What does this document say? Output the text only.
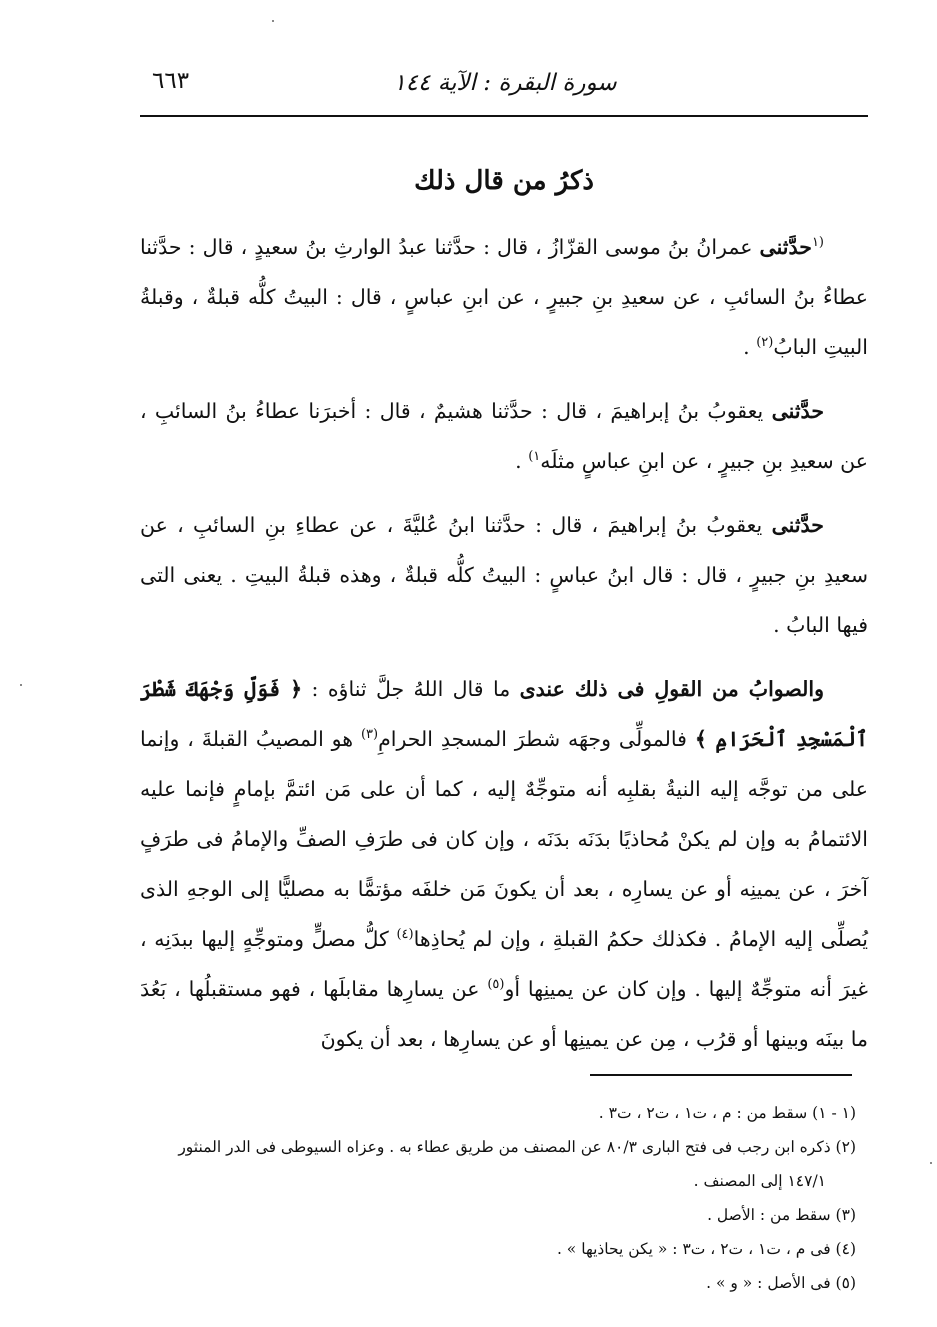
٦٦٣	سورة البقرة : الآية ١٤٤
ذكرُ من قال ذلك

$^{(١}$حدَّثنى عمرانُ بنُ موسى القزّازُ ، قال : حدَّثنا عبدُ الوارثِ بنُ سعيدٍ ، قال : حدَّثنا عطاءُ بنُ السائبِ ، عن سعيدِ بنِ جبيرٍ ، عن ابنِ عباسٍ ، قال : البيتُ كلُّه قبلةٌ ، وقبلةُ البيتِ البابُ$^{(٢)}$ .

حدَّثنى يعقوبُ بنُ إبراهيمَ ، قال : حدَّثنا هشيمٌ ، قال : أخبرَنا عطاءُ بنُ السائبِ ، عن سعيدِ بنِ جبيرٍ ، عن ابنِ عباسٍ مثلَه$^{١)}$ .

حدَّثنى يعقوبُ بنُ إبراهيمَ ، قال : حدَّثنا ابنُ عُليَّةَ ، عن عطاءِ بنِ السائبِ ، عن سعيدِ بنِ جبيرٍ ، قال : قال ابنُ عباسٍ : البيتُ كلُّه قبلةٌ ، وهذه قبلةُ البيتِ . يعنى التى فيها البابُ .

والصوابُ من القولِ فى ذلك عندى ما قال اللهُ جلَّ ثناؤه : ﴿ فَوَلِّ وَجْهَكَ شَطْرَ ٱلْمَسْجِدِ ٱلْحَرَامِ ﴾ فالمولِّى وجهَه شطرَ المسجدِ الحرامِ$^{(٣)}$ هو المصيبُ القبلةَ ، وإنما على من توجَّه إليه النيةُ بقلبِه أنه متوجِّهٌ إليه ، كما أن على مَن ائتمَّ بإمامٍ فإنما عليه الائتمامُ به وإن لم يكنْ مُحاذيًا بدَنَه بدَنَه ، وإن كان فى طرَفِ الصفِّ والإمامُ فى طرَفٍ آخرَ ، عن يمينِه أو عن يسارِه ، بعد أن يكونَ مَن خلفَه مؤتمًّا به مصليًّا إلى الوجهِ الذى يُصلِّى إليه الإمامُ . فكذلك حكمُ القبلةِ ، وإن لم يُحاذِها$^{(٤)}$ كلُّ مصلٍّ ومتوجِّهٍ إليها ببدَنِه ، غيرَ أنه متوجِّهٌ إليها . وإن كان عن يمينِها أو$^{(٥)}$ عن يسارِها مقابلَها ، فهو مستقبلُها ، بَعُدَ ما بينَه وبينها أو قرُب ، مِن عن يمينِها أو عن يسارِها ، بعد أن يكونَ

(١ - ١) سقط من : م ، ت١ ، ت٢ ، ت٣ .

(٢) ذكره ابن رجب فى فتح البارى ٨٠/٣ عن المصنف من طريق عطاء به . وعزاه السيوطى فى الدر المنثور

١٤٧/١ إلى المصنف .

(٣) سقط من : الأصل .

(٤) فى م ، ت١ ، ت٢ ، ت٣ : « يكن يحاذيها » .

(٥) فى الأصل : « و » .
